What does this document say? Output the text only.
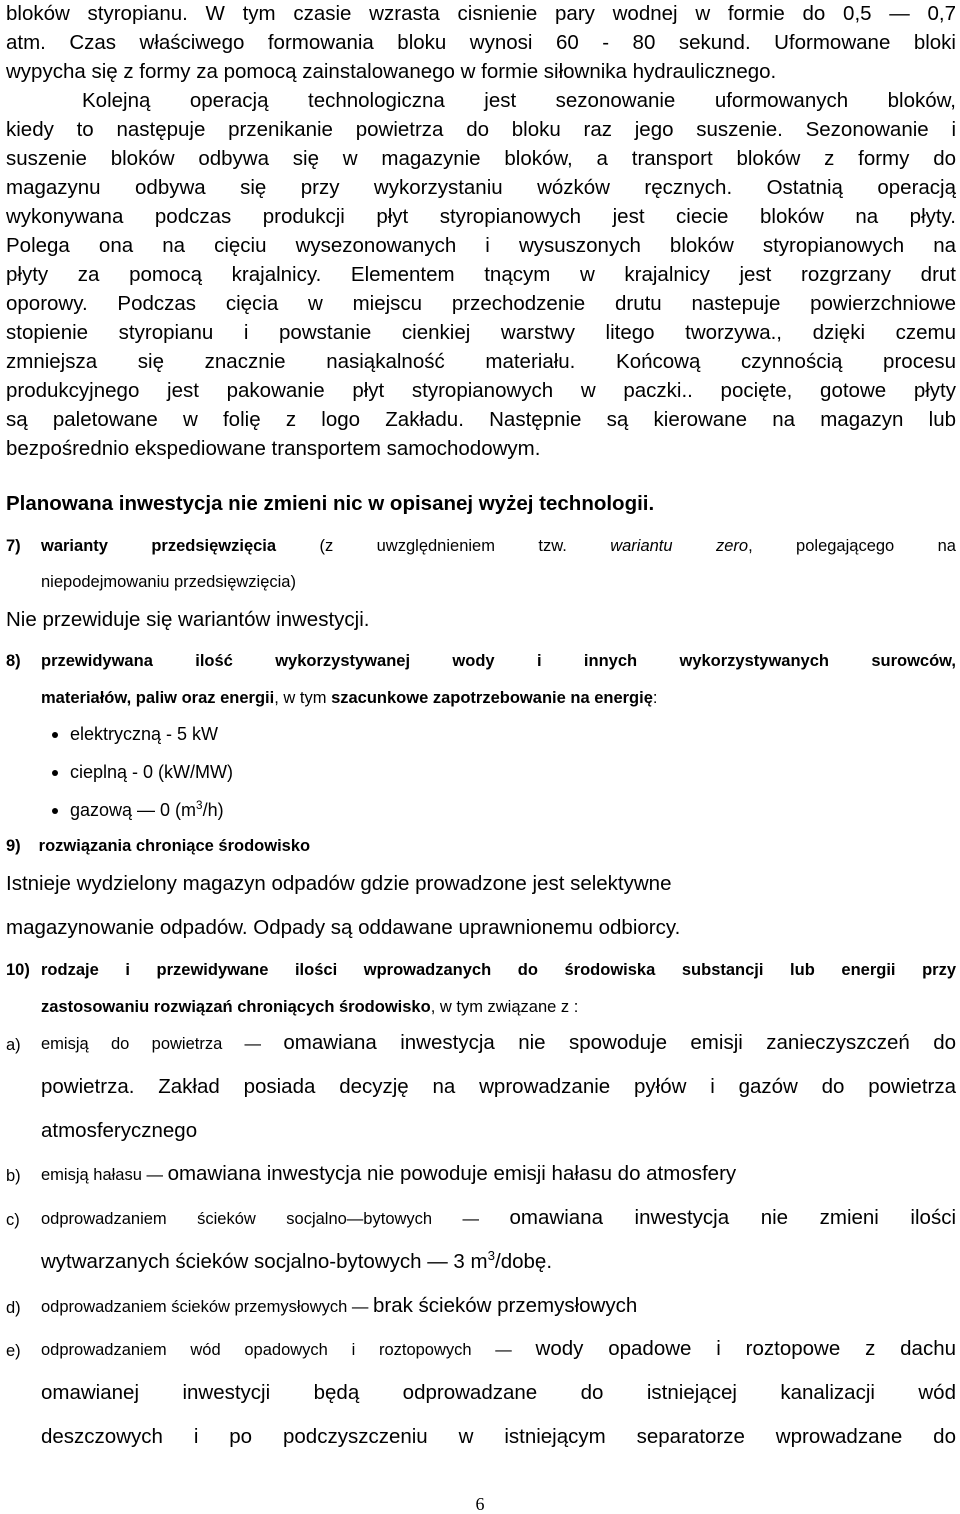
bloków styropianu. W tym czasie wzrasta cisnienie pary wodnej w formie do 0,5 — 0,7
atm. Czas właściwego formowania bloku wynosi 60 - 80 sekund. Uformowane bloki
wypycha się z formy za pomocą zainstalowanego w formie siłownika hydraulicznego.
Kolejną operacją technologiczna jest sezonowanie uformowanych bloków,
kiedy to następuje przenikanie powietrza do bloku raz jego suszenie. Sezonowanie i
suszenie bloków odbywa się w magazynie bloków, a transport bloków z formy do
magazynu odbywa się przy wykorzystaniu wózków ręcznych. Ostatnią operacją
wykonywana podczas produkcji płyt styropianowych jest ciecie bloków na płyty.
Polega ona na cięciu wysezonowanych i wysuszonych bloków styropianowych na
płyty za pomocą krajalnicy. Elementem tnącym w krajalnicy jest rozgrzany drut
oporowy. Podczas cięcia w miejscu przechodzenie drutu nastepuje powierzchniowe
stopienie styropianu i powstanie cienkiej warstwy litego tworzywa., dzięki czemu
zmniejsza się znacznie nasiąkalność materiału. Końcową czynnością procesu
produkcyjnego jest pakowanie płyt styropianowych w paczki.. pocięte, gotowe płyty
są paletowane w folię z logo Zakładu. Następnie są kierowane na magazyn lub
bezpośrednio ekspediowane transportem samochodowym.
Planowana inwestycja nie zmieni nic w opisanej wyżej technologii.
7)	warianty przedsięwzięcia (z uwzględnieniem tzw. wariantu zero, polegającego na
niepodejmowaniu przedsięwzięcia)
Nie przewiduje się wariantów inwestycji.
8)	przewidywana ilość wykorzystywanej wody i innych wykorzystywanych surowców,
materiałów, paliw oraz energii, w tym szacunkowe zapotrzebowanie na energię:
elektryczną - 5 kW
cieplną - 0 (kW/MW)
gazową — 0 $(m^3/h)$
9) rozwiązania chroniące środowisko
Istnieje wydzielony magazyn odpadów gdzie prowadzone jest selektywne
magazynowanie odpadów. Odpady są oddawane uprawnionemu odbiorcy.
10) rodzaje i przewidywane ilości wprowadzanych do środowiska substancji lub energii przy
zastosowaniu rozwiązań chroniących środowisko, w tym związane z :
a)	emisją do powietrza — omawiana inwestycja nie spowoduje emisji zanieczyszczeń do
powietrza. Zakład posiada decyzję na wprowadzanie pyłów i gazów do powietrza
atmosferycznego
b)	emisją hałasu — omawiana inwestycja nie powoduje emisji hałasu do atmosfery
c)	odprowadzaniem ścieków socjalno—bytowych — omawiana inwestycja nie zmieni ilości
wytwarzanych ścieków socjalno-bytowych — 3 $m^3$/dobę.
d)	odprowadzaniem ścieków przemysłowych — brak ścieków przemysłowych
e)	odprowadzaniem wód opadowych i roztopowych — wody opadowe i roztopowe z dachu
omawianej inwestycji będą odprowadzane do istniejącej kanalizacji wód
deszczowych i po podczyszczeniu w istniejącym separatorze wprowadzane do
6
